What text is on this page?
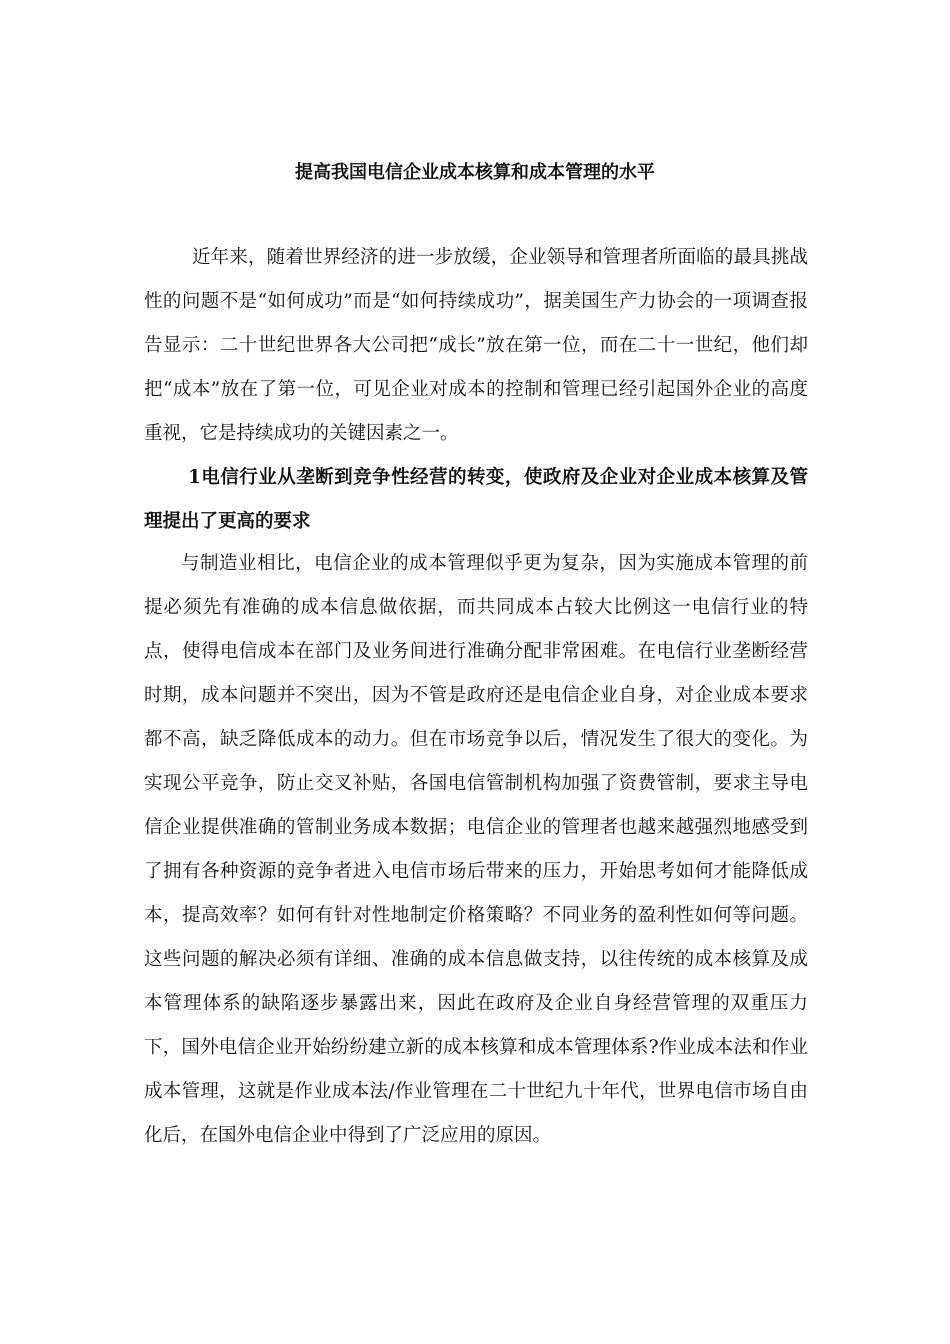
提高我国电信企业成本核算和成本管理的水平

近年来，随着世界经济的进一步放缓，企业领导和管理者所面临的最具挑战性的问题不是“如何成功”而是“如何持续成功”，据美国生产力协会的一项调查报告显示：二十世纪世界各大公司把“成长”放在第一位，而在二十一世纪，他们却把“成本”放在了第一位，可见企业对成本的控制和管理已经引起国外企业的高度重视，它是持续成功的关键因素之一。

1电信行业从垄断到竞争性经营的转变，使政府及企业对企业成本核算及管理提出了更高的要求

与制造业相比，电信企业的成本管理似乎更为复杂，因为实施成本管理的前提必须先有准确的成本信息做依据，而共同成本占较大比例这一电信行业的特点，使得电信成本在部门及业务间进行准确分配非常困难。在电信行业垄断经营时期，成本问题并不突出，因为不管是政府还是电信企业自身，对企业成本要求都不高，缺乏降低成本的动力。但在市场竞争以后，情况发生了很大的变化。为实现公平竞争，防止交叉补贴，各国电信管制机构加强了资费管制，要求主导电信企业提供准确的管制业务成本数据；电信企业的管理者也越来越强烈地感受到了拥有各种资源的竞争者进入电信市场后带来的压力，开始思考如何才能降低成本，提高效率？如何有针对性地制定价格策略？不同业务的盈利性如何等问题。这些问题的解决必须有详细、准确的成本信息做支持，以往传统的成本核算及成本管理体系的缺陷逐步暴露出来，因此在政府及企业自身经营管理的双重压力下，国外电信企业开始纷纷建立新的成本核算和成本管理体系?作业成本法和作业成本管理，这就是作业成本法/作业管理在二十世纪九十年代，世界电信市场自由化后，在国外电信企业中得到了广泛应用的原因。
